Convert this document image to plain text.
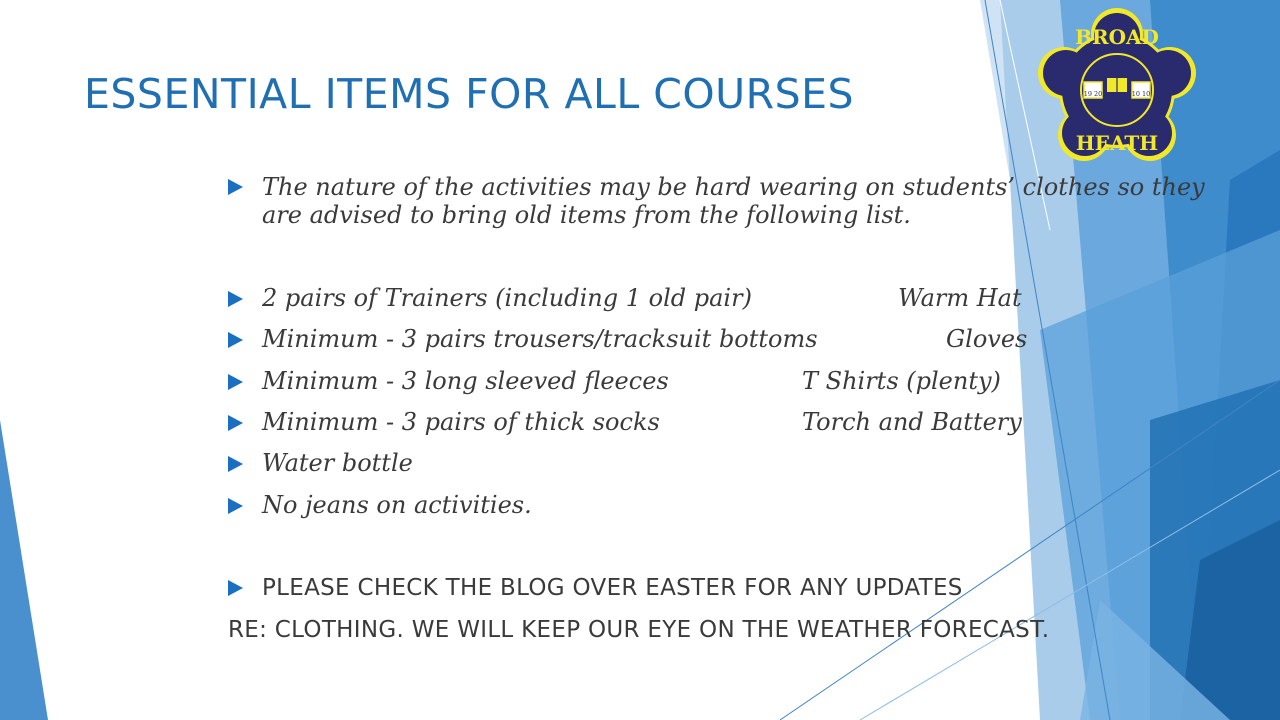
ESSENTIAL ITEMS FOR ALL COURSES
BROAD
HEATH
19 20	10 10
The nature of the activities may be hard wearing on students’ clothes so they
are advised to bring old items from the following list.
2 pairs of Trainers (including 1 old pair)	Warm Hat
Minimum - 3 pairs trousers/tracksuit bottoms	Gloves
Minimum - 3 long sleeved fleeces	T Shirts (plenty)
Minimum - 3 pairs of thick socks	Torch and Battery
Water bottle
No jeans on activities.
PLEASE CHECK THE BLOG OVER EASTER FOR ANY UPDATES
RE: CLOTHING. WE WILL KEEP OUR EYE ON THE WEATHER FORECAST.
